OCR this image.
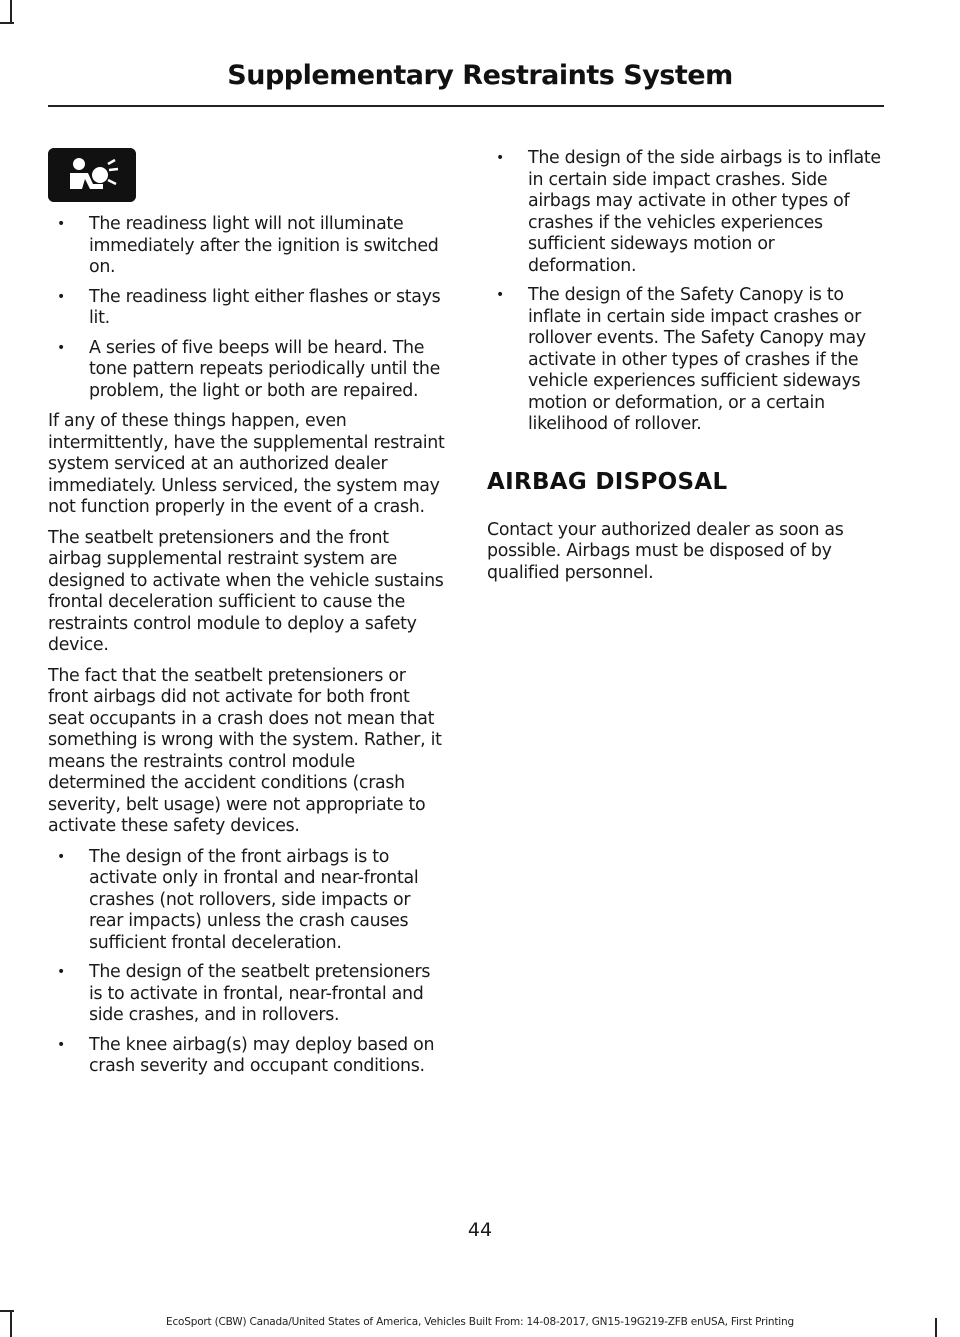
Supplementary Restraints System
• The readiness light will not illuminate immediately after the ignition is switched on.
• The readiness light either flashes or stays lit.
• A series of five beeps will be heard. The tone pattern repeats periodically until the problem, the light or both are repaired.

If any of these things happen, even intermittently, have the supplemental restraint system serviced at an authorized dealer immediately. Unless serviced, the system may not function properly in the event of a crash.

The seatbelt pretensioners and the front airbag supplemental restraint system are designed to activate when the vehicle sustains frontal deceleration sufficient to cause the restraints control module to deploy a safety device.

The fact that the seatbelt pretensioners or front airbags did not activate for both front seat occupants in a crash does not mean that something is wrong with the system. Rather, it means the restraints control module determined the accident conditions (crash severity, belt usage) were not appropriate to activate these safety devices.

• The design of the front airbags is to activate only in frontal and near-frontal crashes (not rollovers, side impacts or rear impacts) unless the crash causes sufficient frontal deceleration.
• The design of the seatbelt pretensioners is to activate in frontal, near-frontal and side crashes, and in rollovers.
• The knee airbag(s) may deploy based on crash severity and occupant conditions.
• The design of the side airbags is to inflate in certain side impact crashes. Side airbags may activate in other types of crashes if the vehicles experiences sufficient sideways motion or deformation.
• The design of the Safety Canopy is to inflate in certain side impact crashes or rollover events. The Safety Canopy may activate in other types of crashes if the vehicle experiences sufficient sideways motion or deformation, or a certain likelihood of rollover.
AIRBAG DISPOSAL

Contact your authorized dealer as soon as possible. Airbags must be disposed of by qualified personnel.

44
EcoSport (CBW) Canada/United States of America, Vehicles Built From: 14-08-2017, GN15-19G219-ZFB enUSA, First Printing
